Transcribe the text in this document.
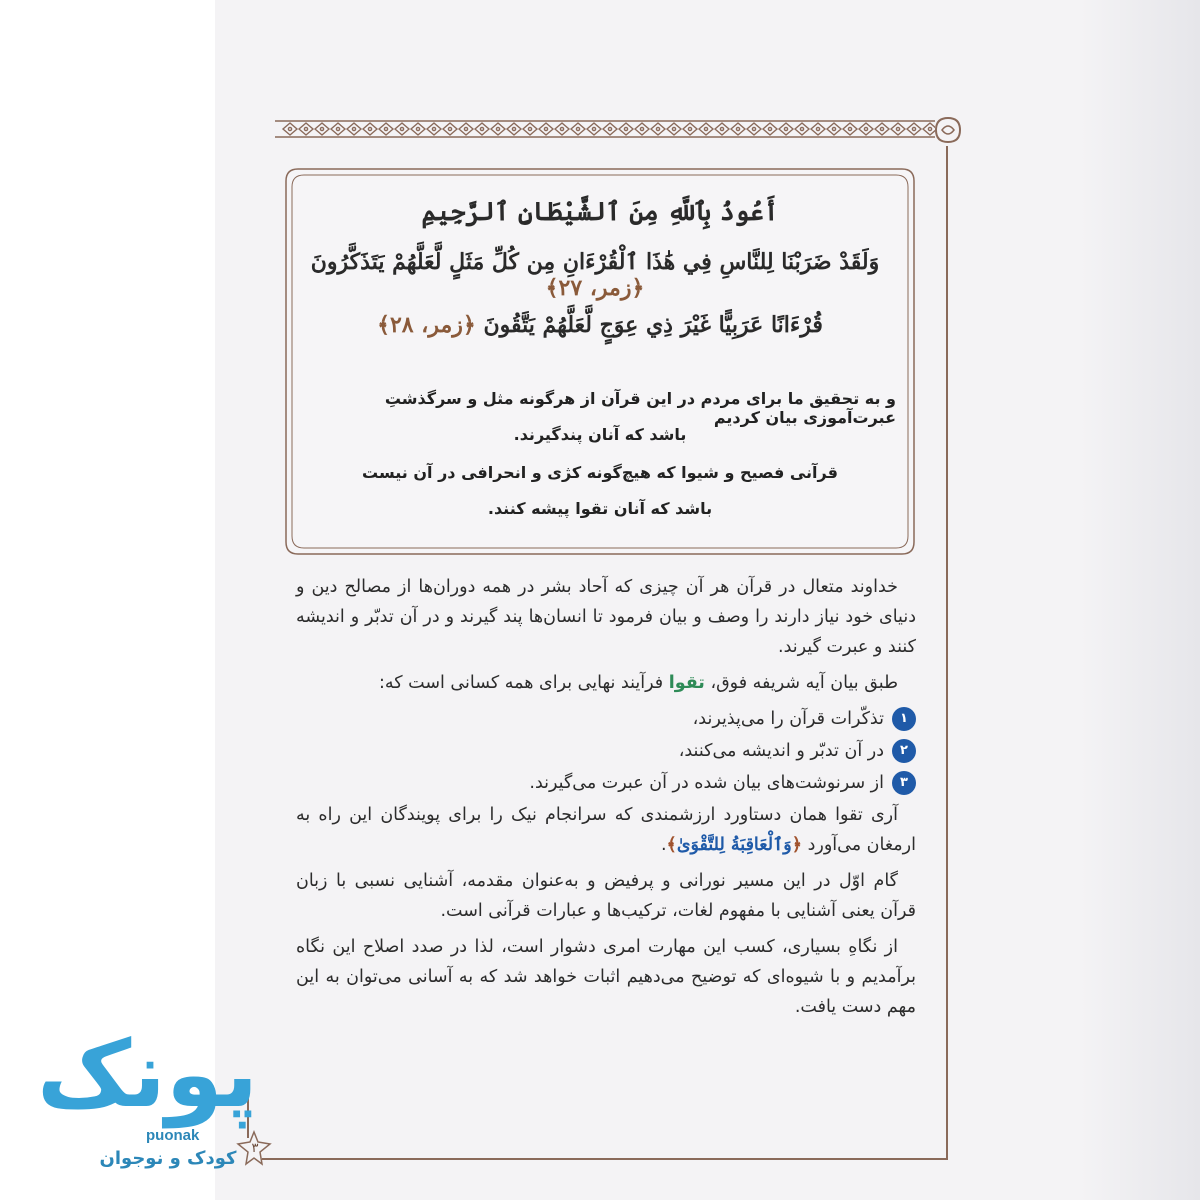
۳
أَعُوذُ بِٱللَّهِ مِنَ ٱلشَّيْطَانِ ٱلرَّجِيمِ
وَلَقَدْ ضَرَبْنَا لِلنَّاسِ فِي هَٰذَا ٱلْقُرْءَانِ مِن كُلِّ مَثَلٍ لَّعَلَّهُمْ يَتَذَكَّرُونَ ﴿زمر، ۲۷﴾
قُرْءَانًا عَرَبِيًّا غَيْرَ ذِي عِوَجٍ لَّعَلَّهُمْ يَتَّقُونَ ﴿زمر، ۲۸﴾
و به تحقیق ما برای مردم در این قرآن از هرگونه مثل و سرگذشتِ عبرت‌آموزی بیان کردیم
باشد که آنان پندگیرند.
قرآنی فصیح و شیوا که هیچ‌گونه کژی و انحرافی در آن نیست
باشد که آنان تقوا پیشه کنند.

خداوند متعال در قرآن هر آن چیزی که آحاد بشر در همه دوران‌ها از مصالح دین و دنیای خود نیاز دارند را وصف و بیان فرمود تا انسان‌ها پند گیرند و در آن تدبّر و اندیشه کنند و عبرت گیرند.

طبق بیان آیه شریفه فوق، تقوا فرآیند نهایی برای همه کسانی است که:

۱
تذکّرات قرآن را می‌پذیرند،
۲
در آن تدبّر و اندیشه می‌کنند،
۳
از سرنوشت‌های بیان شده در آن عبرت می‌گیرند.

آری تقوا همان دستاورد ارزشمندی که سرانجام نیک را برای پویندگان این راه به ارمغان می‌آورد ﴿وَٱلْعَاقِبَةُ لِلتَّقْوَىٰ﴾.

گام اوّل در این مسیر نورانی و پرفیض و به‌عنوان مقدمه، آشنایی نسبی با زبان قرآن یعنی آشنایی با مفهوم لغات، ترکیب‌ها و عبارات قرآنی است.

از نگاهِ بسیاری، کسب این مهارت امری دشوار است، لذا در صدد اصلاح این نگاه برآمدیم و با شیوه‌ای که توضیح می‌دهیم اثبات خواهد شد که به آسانی می‌توان به این مهم دست یافت.

پونک
puonak
کودک و نوجوان
